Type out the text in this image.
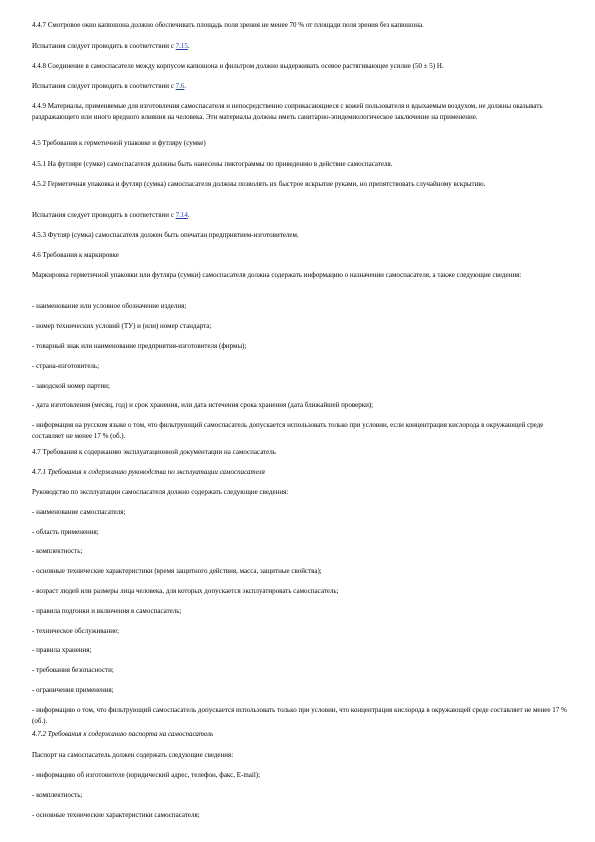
4.4.7 Смотровое окно капюшона должно обеспечивать площадь поля зрения не менее 70 % от площади поля зрения без капюшона.
Испытания следует проводить в соответствии с 7.15.
4.4.8 Соединение в самоспасателе между корпусом капюшона и фильтром должно выдерживать осевое растягивающее усилие (50 ± 5) Н.
Испытания следует проводить в соответствии с 7.6.
4.4.9 Материалы, применяемые для изготовления самоспасателя и непосредственно соприкасающиеся с кожей пользователя и вдыхаемым воздухом, не должны оказывать раздражающего или иного вредного влияния на человека. Эти материалы должны иметь санитарно-эпидемиологическое заключение на применение.
4.5 Требования к герметичной упаковке и футляру (сумке)
4.5.1 На футляре (сумке) самоспасателя должны быть нанесены пиктограммы по приведению в действие самоспасателя.
4.5.2 Герметичная упаковка и футляр (сумка) самоспасателя должны позволять их быстрое вскрытие руками, но препятствовать случайному вскрытию.
Испытания следует проводить в соответствии с 7.14.
4.5.3 Футляр (сумка) самоспасателя должен быть опечатан предприятием-изготовителем.
4.6 Требования к маркировке
Маркировка герметичной упаковки или футляра (сумки) самоспасателя должна содержать информацию о назначении самоспасателя, а также следующие сведения:
- наименование или условное обозначение изделия;
- номер технических условий (ТУ) и (или) номер стандарта;
- товарный знак или наименование предприятия-изготовителя (фирмы);
- страна-изготовитель;
- заводской номер партии;
- дата изготовления (месяц, год) и срок хранения, или дата истечения срока хранения (дата ближайшей проверки);
- информация на русском языке о том, что фильтрующий самоспасатель допускается использовать только при условии, если концентрация кислорода в окружающей среде составляет не менее 17 % (об.).
4.7 Требования к содержанию эксплуатационной документации на самоспасатель
4.7.1 Требования к содержанию руководства по эксплуатации самоспасателя
Руководство по эксплуатации самоспасателя должно содержать следующие сведения:
- наименование самоспасателя;
- область применения;
- комплектность;
- основные технические характеристики (время защитного действия, масса, защитные свойства);
- возраст людей или размеры лица человека, для которых допускается эксплуатировать самоспасатель;
- правила подгонки и включения в самоспасатель;
- техническое обслуживание;
- правила хранения;
- требования безопасности;
- ограничения применения;
- информацию о том, что фильтрующий самоспасатель допускается использовать только при условии, что концентрация кислорода в окружающей среде составляет не менее 17 % (об.).
4.7.2 Требования к содержанию паспорта на самоспасатель
Паспорт на самоспасатель должен содержать следующие сведения:
- информацию об изготовителе (юридический адрес, телефон, факс, E-mail);
- комплектность;
- основные технические характеристики самоспасателя;
